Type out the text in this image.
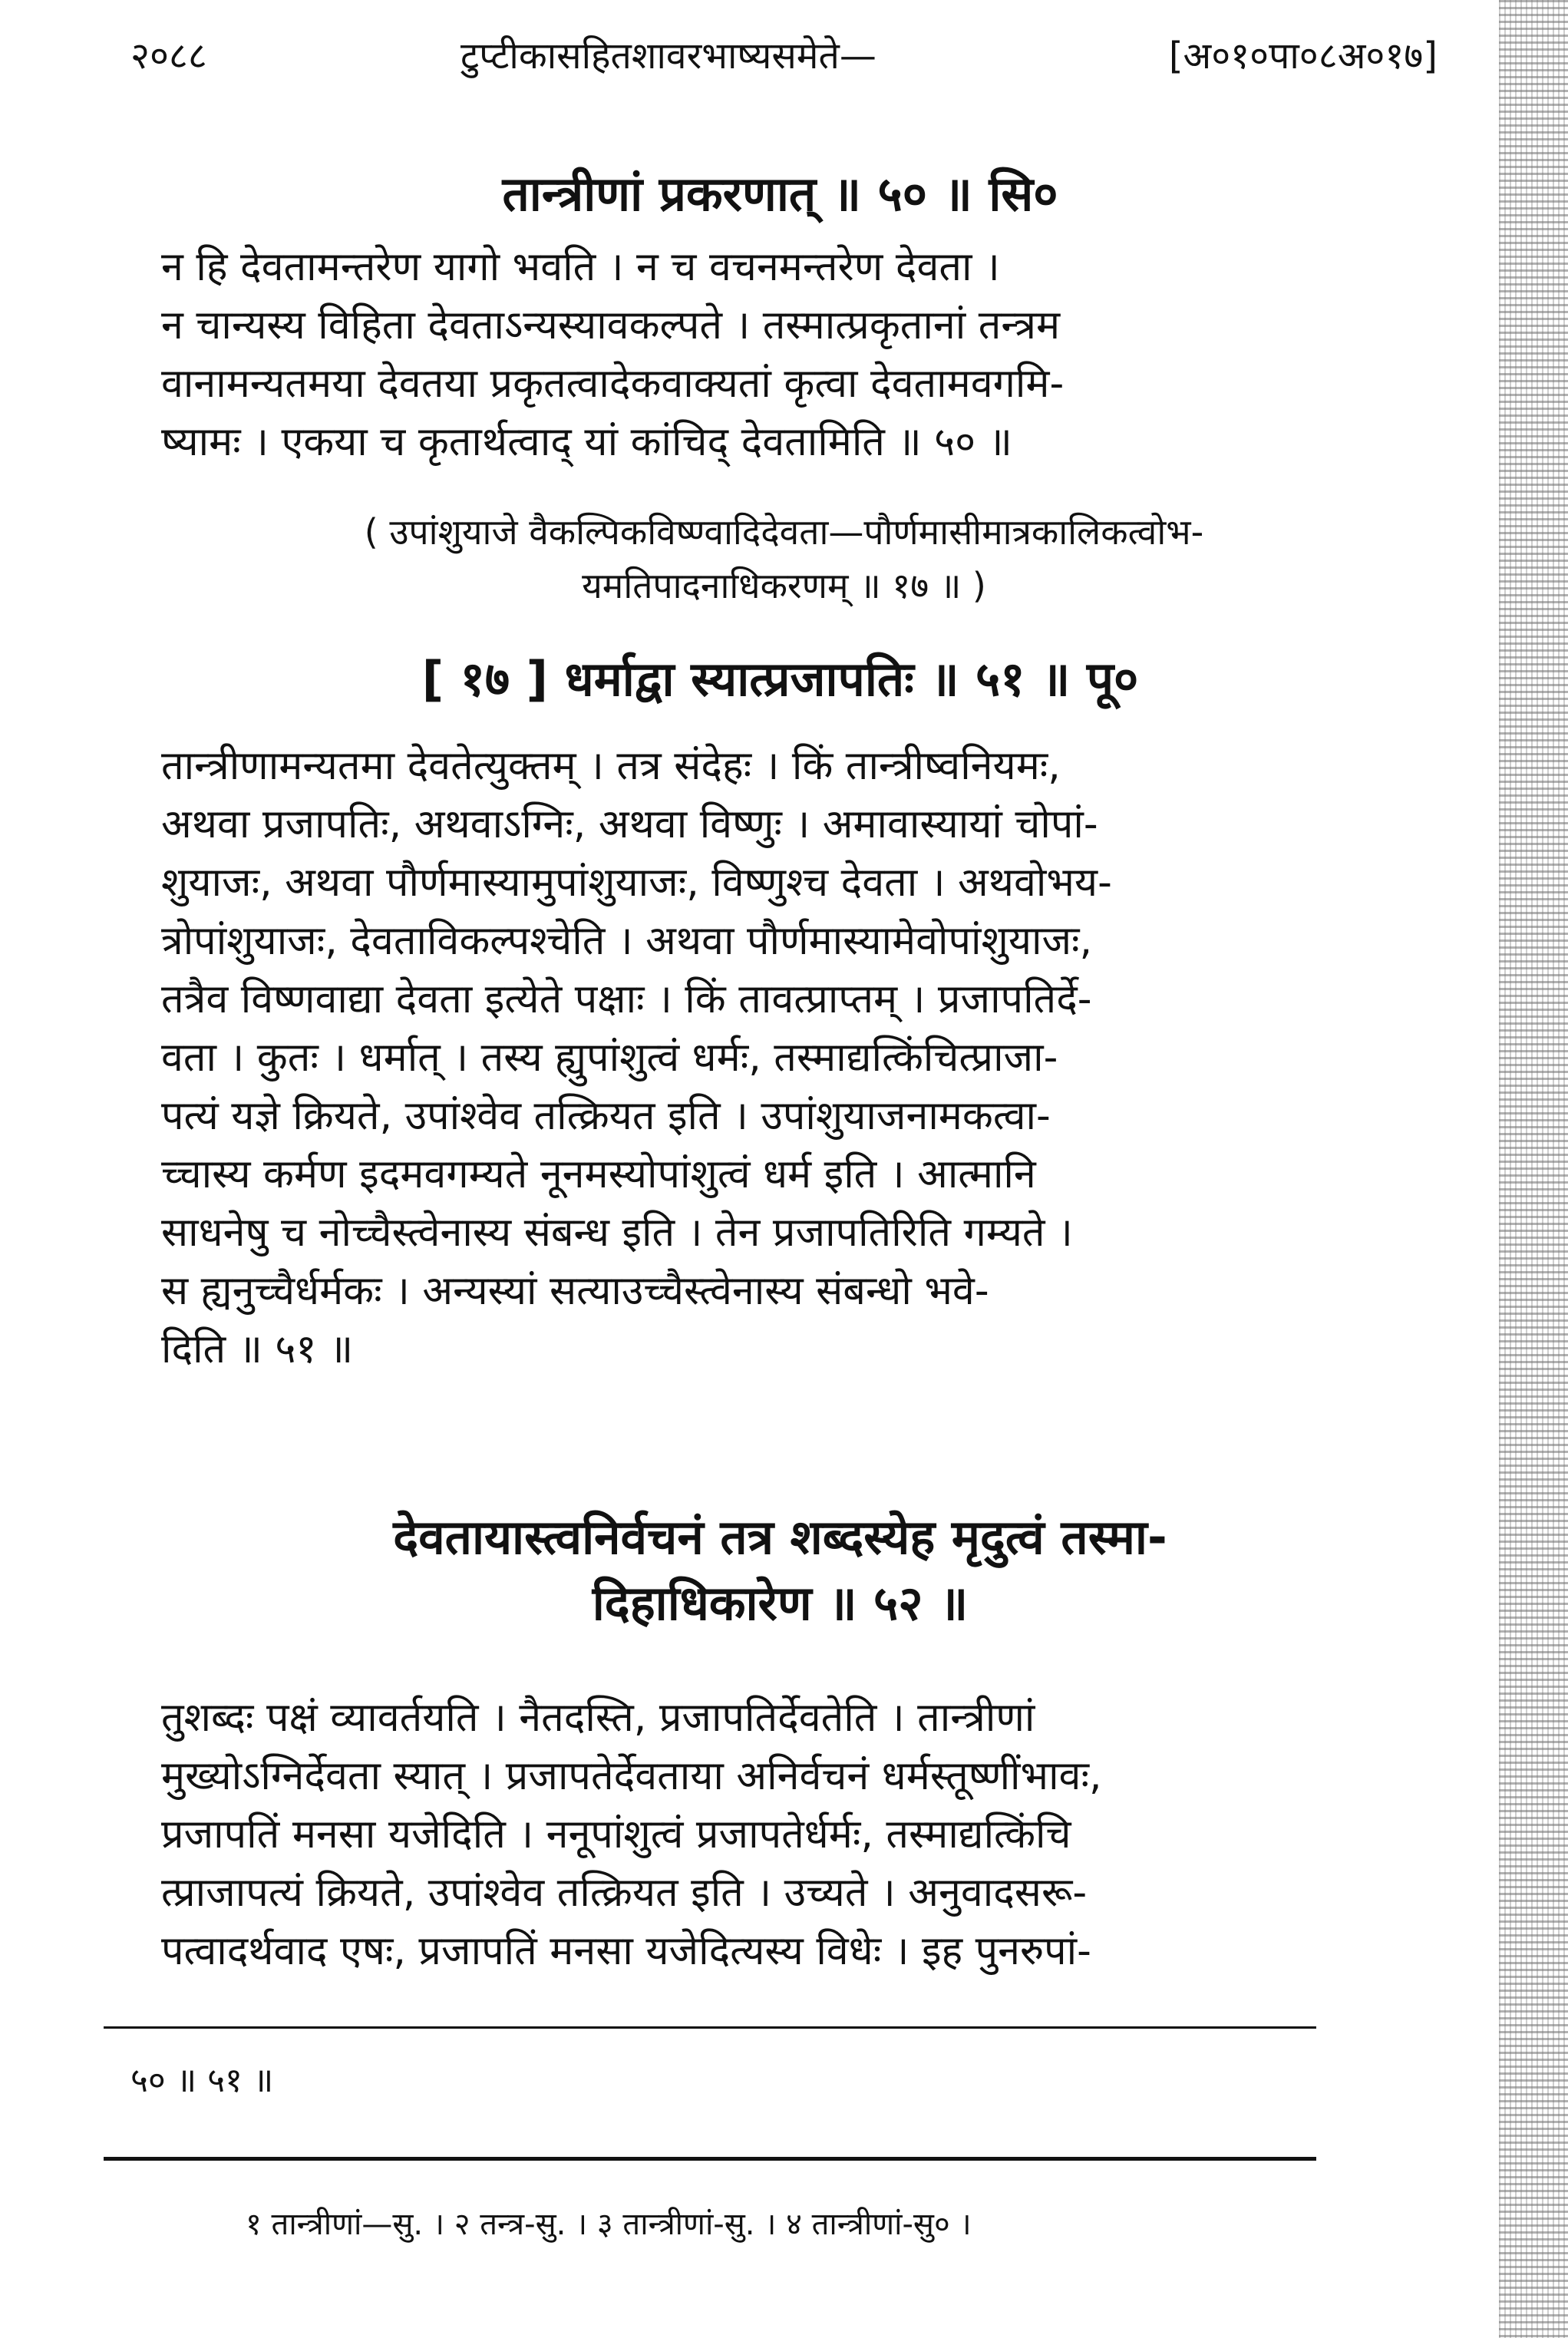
२०८८	टुप्टीकासहितशावरभाष्यसमेते—	[अ०१०पा०८अ०१७]
तान्त्रीणां प्रकरणात् ॥ ५० ॥ सि०
न हि देवतामन्तरेण यागो भवति । न च वचनमन्तरेण देवता ।
न चान्यस्य विहिता देवताऽन्यस्यावकल्पते । तस्मात्प्रकृतानां तन्त्रम
वानामन्यतमया देवतया प्रकृतत्वादेकवाक्यतां कृत्वा देवतामवगमि-
ष्यामः । एकया च कृतार्थत्वाद् यां कांचिद् देवतामिति ॥ ५० ॥
( उपांशुयाजे वैकल्पिकविष्ण्वादिदेवता—पौर्णमासीमात्रकालिकत्वोभ-
यमतिपादनाधिकरणम् ॥ १७ ॥ )
[ १७ ] धर्माद्वा स्यात्प्रजापतिः ॥ ५१ ॥ पू०
तान्त्रीणामन्यतमा देवतेत्युक्तम् । तत्र संदेहः । किं तान्त्रीष्वनियमः,
अथवा प्रजापतिः, अथवाऽग्निः, अथवा विष्णुः । अमावास्यायां चोपां-
शुयाजः, अथवा पौर्णमास्यामुपांशुयाजः, विष्णुश्च देवता । अथवोभय-
त्रोपांशुयाजः, देवताविकल्पश्चेति । अथवा पौर्णमास्यामेवोपांशुयाजः,
तत्रैव विष्णवाद्या देवता इत्येते पक्षाः । किं तावत्प्राप्तम् । प्रजापतिर्दे-
वता । कुतः । धर्मात् । तस्य ह्युपांशुत्वं धर्मः, तस्माद्यत्किंचित्प्राजा-
पत्यं यज्ञे क्रियते, उपांश्वेव तत्क्रियत इति । उपांशुयाजनामकत्वा-
च्चास्य कर्मण इदमवगम्यते नूनमस्योपांशुत्वं धर्म इति । आत्मानि
साधनेषु च नोच्चैस्त्वेनास्य संबन्ध इति । तेन प्रजापतिरिति गम्यते ।
स ह्यनुच्चैर्धर्मकः । अन्यस्यां सत्याउच्चैस्त्वेनास्य संबन्धो भवे-
दिति ॥ ५१ ॥
देवतायास्त्वनिर्वचनं तत्र शब्दस्येह मृदुत्वं तस्मा-
दिहाधिकारेण ॥ ५२ ॥
तुशब्दः पक्षं व्यावर्तयति । नैतदस्ति, प्रजापतिर्देवतेति । तान्त्रीणां
मुख्योऽग्निर्देवता स्यात् । प्रजापतेर्देवताया अनिर्वचनं धर्मस्तूष्णींभावः,
प्रजापतिं मनसा यजेदिति । ननूपांशुत्वं प्रजापतेर्धर्मः, तस्माद्यत्किंचि
त्प्राजापत्यं क्रियते, उपांश्वेव तत्क्रियत इति । उच्यते । अनुवादसरू-
पत्वादर्थवाद एषः, प्रजापतिं मनसा यजेदित्यस्य विधेः । इह पुनरुपां-
५० ॥ ५१ ॥
१ तान्त्रीणां—सु. । २ तन्त्र-सु. । ३ तान्त्रीणां-सु. । ४ तान्त्रीणां-सु० ।
